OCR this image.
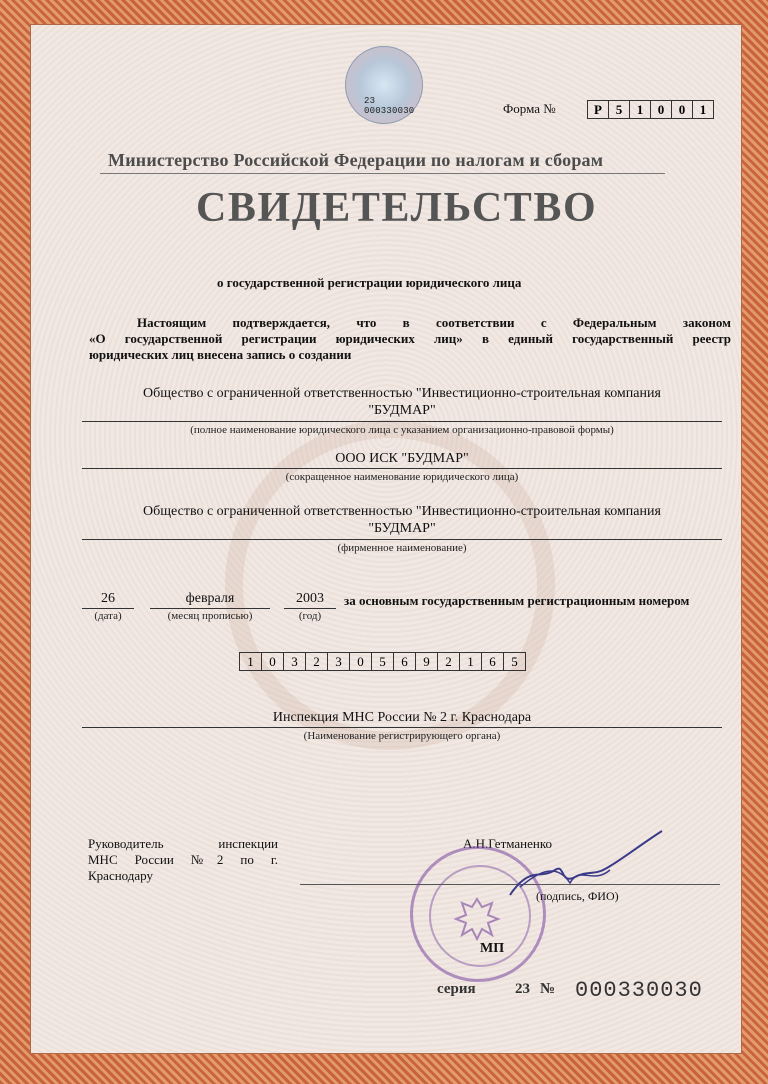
23 000330030	Форма №	Р	5	1	0	0	1
Министерство Российской Федерации по налогам и сборам
СВИДЕТЕЛЬСТВО
о государственной регистрации юридического лица
Настоящим подтверждается, что в соответствии с Федеральным законом
«О государственной регистрации юридических лиц» в единый государственный реестр
юридических лиц внесена запись о создании
Общество с ограниченной ответственностью "Инвестиционно-строительная компания
"БУДМАР"
(полное наименование юридического лица с указанием организационно-правовой формы)
ООО ИСК "БУДМАР"
(сокращенное наименование юридического лица)
Общество с ограниченной ответственностью "Инвестиционно-строительная компания
"БУДМАР"
(фирменное наименование)
26
(дата)
февраля
(месяц прописью)
2003
(год)
за основным государственным регистрационным номером
1	0	3	2	3	0	5	6	9	2	1	6	5
Инспекция МНС России № 2 г. Краснодара
(Наименование регистрирующего органа)
Руководитель инспекции
МНС России №2 по г.
Краснодару
А.Н.Гетманенко
(подпись, ФИО)
МП
серия	23 № 000330030
